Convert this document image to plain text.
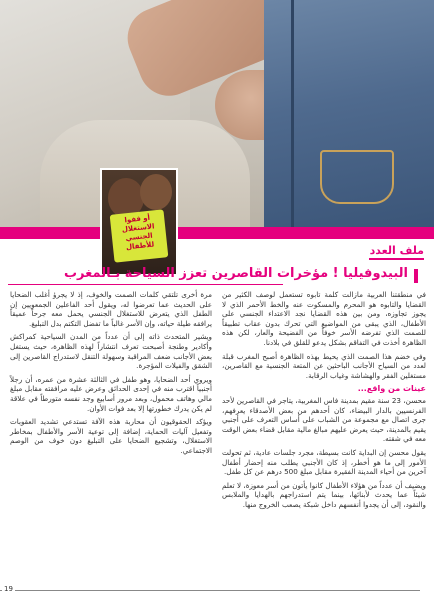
أو ففوا
الاستغلال
الجنسي
للأطفال	ملف العدد
البيدوفيليا ! مؤخرات القاصرين تعزز السياحة بـالمغرب

في منطقتنا العربية مازالت كلمة تابوه تستعمل لوصف الكثير من القضايا والتابوه هو المحرم والمسكوت عنه والخط الأحمر الذي لا يجوز تجاوزه، ومن بين هذه القضايا نجد الاعتداء الجنسي على الأطفال، الذي يبقى من المواضيع التي تحرك بدون عقاب تطبيقاً للصمت الذي تفرضه الأسر خوفاً من الفضيحة والعار، لكن هذه الظاهرة أخذت في التفاقم بشكل يدعو للقلق في بلادنا.

وفي خضم هذا الصمت الذي يحيط بهذه الظاهرة أصبح المغرب قبلة لعدد من السياح الأجانب الباحثين عن المتعة الجنسية مع القاصرين، مستغلين الفقر والهشاشة وغياب الرقابة.

عينات من واقع...

محسن، 23 سنة مقيم بمدينة فاس المغربية، يتاجر في القاصرين لأحد الفرنسيين بالدار البيضاء، كان أحدهم من بعض الأصدقاء يعرفهم، جرى اتصال مع مجموعة من الشباب على أساس التعرف على أجنبي يقيم بالمدينة، حيث يعرض عليهم مبالغ مالية مقابل قضاء بعض الوقت معه في شقته.

يقول محسن إن البداية كانت بسيطة، مجرد جلسات عادية، ثم تحولت الأمور إلى ما هو أخطر، إذ كان الأجنبي يطلب منه إحضار أطفال آخرين من أحياء المدينة الفقيرة مقابل مبلغ 500 درهم عن كل طفل.

ويضيف أن عدداً من هؤلاء الأطفال كانوا يأتون من أسر معوزة، لا تعلم شيئاً عما يحدث لأبنائها، بينما يتم استدراجهم بالهدايا والملابس والنقود، إلى أن يجدوا أنفسهم داخل شبكة يصعب الخروج منها.

مرة أخرى تلتقي كلمات الصمت والخوف، إذ لا يجرؤ أغلب الضحايا على الحديث عما تعرضوا له، ويقول أحد الفاعلين الجمعويين إن الطفل الذي يتعرض للاستغلال الجنسي يحمل معه جرحاً عميقاً يرافقه طيلة حياته، وإن الأسر غالباً ما تفضل التكتم بدل التبليغ.

ويشير المتحدث ذاته إلى أن عدداً من المدن السياحية كمراكش وأكادير وطنجة أصبحت تعرف انتشاراً لهذه الظاهرة، حيث يستغل بعض الأجانب ضعف المراقبة وسهولة التنقل لاستدراج القاصرين إلى الشقق والفيلات المؤجرة.

ويروي أحد الضحايا، وهو طفل في الثالثة عشرة من عمره، أن رجلاً أجنبياً اقترب منه في إحدى الحدائق وعرض عليه مرافقته مقابل مبلغ مالي وهاتف محمول، وبعد مرور أسابيع وجد نفسه متورطاً في علاقة لم يكن يدرك خطورتها إلا بعد فوات الأوان.

ويؤكد الحقوقيون أن محاربة هذه الآفة تستدعي تشديد العقوبات وتفعيل آليات الحماية، إضافة إلى توعية الأسر والأطفال بمخاطر الاستغلال، وتشجيع الضحايا على التبليغ دون خوف من الوصم الاجتماعي.

19
